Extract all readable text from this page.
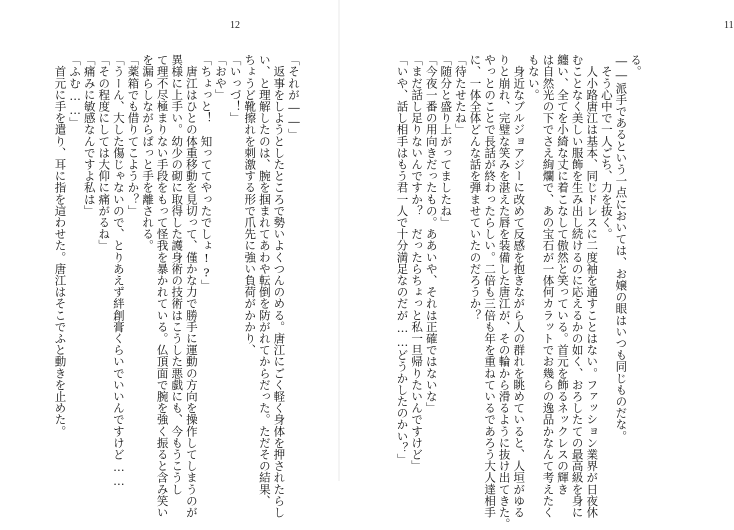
12
「それが――」
　返事をしようとしたところで勢いよくつんのめる。唐江にごく軽く身体を押されたらし
い、と理解したのは、腕を掴まれてあわや転倒を防がれてからだった。ただその結果、
ちょうど靴擦れを刺激する形で爪先に強い負荷がかかり、
「いっづ！」
「おや」
「ちょっと！　知っててやったでしょ!?」
　唐江はひとの体重移動を見切って、僅かな力で勝手に運動の方向を操作してしまうのが
異様に上手い。幼少の砌に取得した護身術の技術はこうした悪戯にも、今もうこうし
て理不尽極まりない手段をもって怪我を暴かれている。仏頂面で腕を強く振ると含み笑い
を漏らしながらぱっと手を離される。
「薬箱でも借りてこようか？」
「うーん、大した傷じゃないので、とりあえず絆創膏くらいでいいんですけど……
「その程度にしては大仰に痛がるね」
「痛みに敏感なんですよ私は」
「ふむ……」
　首元に手を遣り、耳に指を這わせた。唐江はそこでふと動きを止めた。
11
る。
――派手であるという一点においては、お嬢の眼はいつも同じものだな。
　そう心中で一人ごち、力を抜く。
　人小路唐江は基本、同じドレスに二度袖を通すことはない。ファッション業界が日夜休
むことなく美しい服飾を生み出し続けるのに応えるかの如く、おろしたての最高級を身に
纏い、全てを小綺な丈に着こなして傲然と笑っている。首元を飾るネックレスの輝き
は自然光の下でさえ絢爛で、あの宝石が一体何カラットでお幾らの逸品かなんて考えたく
もない。
　身近なブルジョアジーに改めて反感を抱きながら人の群れを眺めていると、人垣がゆる
りと崩れ、完璧な笑みを湛えた唇を装備した唐江が、その輪から滑るように抜け出てきた。
やっとのことで長話が終わったらしい。二倍も三倍も年を重ねているであろう大人達相手
に、一体全体どんな話を弾ませていたのだろうか？
「待たせたね」
「随分と盛り上がってましたね」
「今夜一番の用向きだったもの。ああいや、それは正確ではないな」
「まだ話し足りないんですか？　だったらちょっと私一旦帰りたいんですけど」
「いや、話し相手はもう君一人で十分満足なのだが……どうかしたのかい？」
